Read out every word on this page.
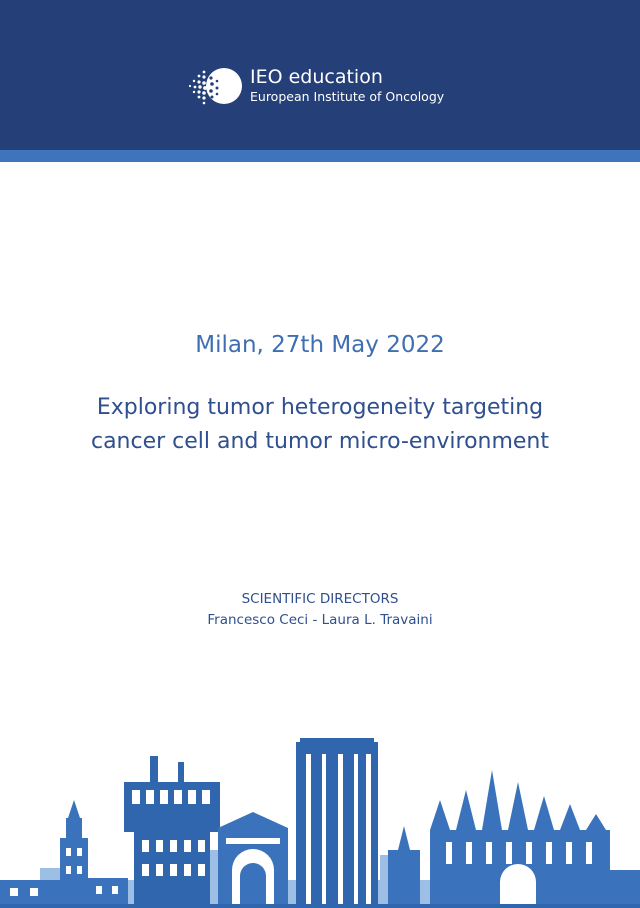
IEO education
European Institute of Oncology
Milan, 27th May 2022
Exploring tumor heterogeneity targeting
cancer cell and tumor micro-environment
SCIENTIFIC DIRECTORS
Francesco Ceci - Laura L. Travaini
